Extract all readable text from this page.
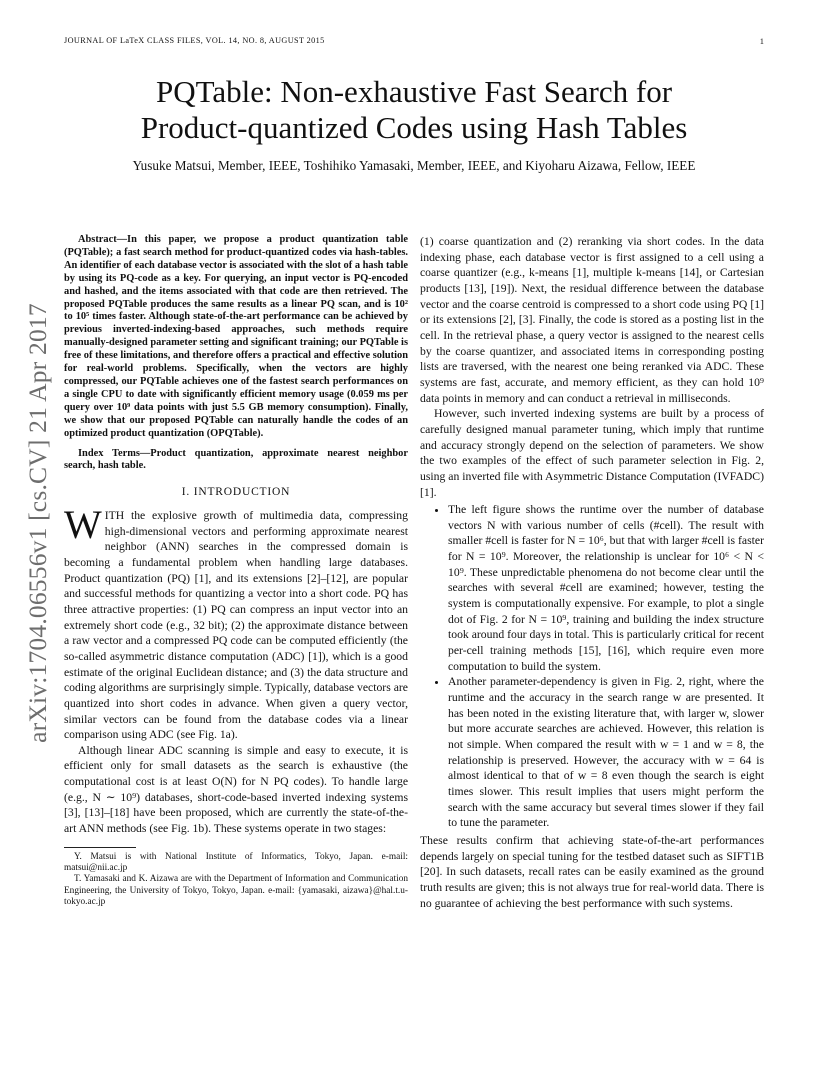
JOURNAL OF LaTeX CLASS FILES, VOL. 14, NO. 8, AUGUST 2015	1
arXiv:1704.06556v1 [cs.CV] 21 Apr 2017
PQTable: Non-exhaustive Fast Search for
Product-quantized Codes using Hash Tables
Yusuke Matsui, Member, IEEE, Toshihiko Yamasaki, Member, IEEE, and Kiyoharu Aizawa, Fellow, IEEE

Abstract—In this paper, we propose a product quantization table (PQTable); a fast search method for product-quantized codes via hash-tables. An identifier of each database vector is associated with the slot of a hash table by using its PQ-code as a key. For querying, an input vector is PQ-encoded and hashed, and the items associated with that code are then retrieved. The proposed PQTable produces the same results as a linear PQ scan, and is 10² to 10⁵ times faster. Although state-of-the-art performance can be achieved by previous inverted-indexing-based approaches, such methods require manually-designed parameter setting and significant training; our PQTable is free of these limitations, and therefore offers a practical and effective solution for real-world problems. Specifically, when the vectors are highly compressed, our PQTable achieves one of the fastest search performances on a single CPU to date with significantly efficient memory usage (0.059 ms per query over 10⁹ data points with just 5.5 GB memory consumption). Finally, we show that our proposed PQTable can naturally handle the codes of an optimized product quantization (OPQTable).

Index Terms—Product quantization, approximate nearest neighbor search, hash table.

I. INTRODUCTION

WITH the explosive growth of multimedia data, compressing high-dimensional vectors and performing approximate nearest neighbor (ANN) searches in the compressed domain is becoming a fundamental problem when handling large databases. Product quantization (PQ) [1], and its extensions [2]–[12], are popular and successful methods for quantizing a vector into a short code. PQ has three attractive properties: (1) PQ can compress an input vector into an extremely short code (e.g., 32 bit); (2) the approximate distance between a raw vector and a compressed PQ code can be computed efficiently (the so-called asymmetric distance computation (ADC) [1]), which is a good estimate of the original Euclidean distance; and (3) the data structure and coding algorithms are surprisingly simple. Typically, database vectors are quantized into short codes in advance. When given a query vector, similar vectors can be found from the database codes via a linear comparison using ADC (see Fig. 1a).

Although linear ADC scanning is simple and easy to execute, it is efficient only for small datasets as the search is exhaustive (the computational cost is at least O(N) for N PQ codes). To handle large (e.g., N ∼ 10⁹) databases, short-code-based inverted indexing systems [3], [13]–[18] have been proposed, which are currently the state-of-the-art ANN methods (see Fig. 1b). These systems operate in two stages:

Y. Matsui is with National Institute of Informatics, Tokyo, Japan. e-mail: matsui@nii.ac.jp

T. Yamasaki and K. Aizawa are with the Department of Information and Communication Engineering, the University of Tokyo, Tokyo, Japan. e-mail: {yamasaki, aizawa}@hal.t.u-tokyo.ac.jp

(1) coarse quantization and (2) reranking via short codes. In the data indexing phase, each database vector is first assigned to a cell using a coarse quantizer (e.g., k-means [1], multiple k-means [14], or Cartesian products [13], [19]). Next, the residual difference between the database vector and the coarse centroid is compressed to a short code using PQ [1] or its extensions [2], [3]. Finally, the code is stored as a posting list in the cell. In the retrieval phase, a query vector is assigned to the nearest cells by the coarse quantizer, and associated items in corresponding posting lists are traversed, with the nearest one being reranked via ADC. These systems are fast, accurate, and memory efficient, as they can hold 10⁹ data points in memory and can conduct a retrieval in milliseconds.

However, such inverted indexing systems are built by a process of carefully designed manual parameter tuning, which imply that runtime and accuracy strongly depend on the selection of parameters. We show the two examples of the effect of such parameter selection in Fig. 2, using an inverted file with Asymmetric Distance Computation (IVFADC) [1].

• The left figure shows the runtime over the number of database vectors N with various number of cells (#cell). The result with smaller #cell is faster for N = 10⁶, but that with larger #cell is faster for N = 10⁹. Moreover, the relationship is unclear for 10⁶ < N < 10⁹. These unpredictable phenomena do not become clear until the searches with several #cell are examined; however, testing the system is computationally expensive. For example, to plot a single dot of Fig. 2 for N = 10⁹, training and building the index structure took around four days in total. This is particularly critical for recent per-cell training methods [15], [16], which require even more computation to build the system.
• Another parameter-dependency is given in Fig. 2, right, where the runtime and the accuracy in the search range w are presented. It has been noted in the existing literature that, with larger w, slower but more accurate searches are achieved. However, this relation is not simple. When compared the result with w = 1 and w = 8, the relationship is preserved. However, the accuracy with w = 64 is almost identical to that of w = 8 even though the search is eight times slower. This result implies that users might perform the search with the same accuracy but several times slower if they fail to tune the parameter.

These results confirm that achieving state-of-the-art performances depends largely on special tuning for the testbed dataset such as SIFT1B [20]. In such datasets, recall rates can be easily examined as the ground truth results are given; this is not always true for real-world data. There is no guarantee of achieving the best performance with such systems.
